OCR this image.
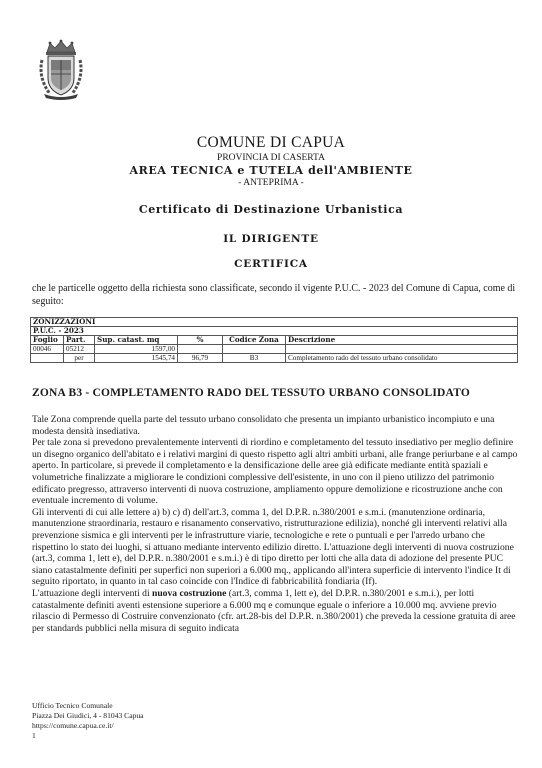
COMUNE DI CAPUA
PROVINCIA DI CASERTA
AREA TECNICA e TUTELA dell'AMBIENTE
- ANTEPRIMA -
Certificato di Destinazione Urbanistica
IL DIRIGENTE
CERTIFICA
che le particelle oggetto della richiesta sono classificate, secondo il vigente P.U.C. - 2023 del Comune di Capua, come di seguito:
ZONIZZAZIONI					
P.U.C. - 2023					
Foglio	Part.	Sup. catast. mq	%	Codice Zona	Descrizione
00046	05212	1597,00			
	per	1545,74	96,79	B3	Completamento rado del tessuto urbano consolidato
ZONA B3 - COMPLETAMENTO RADO DEL TESSUTO URBANO CONSOLIDATO

Tale Zona comprende quella parte del tessuto urbano consolidato che presenta un impianto urbanistico incompiuto e una modesta densità insediativa.

Per tale zona si prevedono prevalentemente interventi di riordino e completamento del tessuto insediativo per meglio definire un disegno organico dell'abitato e i relativi margini di questo rispetto agli altri ambiti urbani, alle frange periurbane e al campo aperto. In particolare, si prevede il completamento e la densificazione delle aree già edificate mediante entità spaziali e volumetriche finalizzate a migliorare le condizioni complessive dell'esistente, in uno con il pieno utilizzo del patrimonio edificato pregresso, attraverso interventi di nuova costruzione, ampliamento oppure demolizione e ricostruzione anche con eventuale incremento di volume.

Gli interventi di cui alle lettere a) b) c) d) dell'art.3, comma 1, del D.P.R. n.380/2001 e s.m.i. (manutenzione ordinaria, manutenzione straordinaria, restauro e risanamento conservativo, ristrutturazione edilizia), nonché gli interventi relativi alla prevenzione sismica e gli interventi per le infrastrutture viarie, tecnologiche e rete o puntuali e per l'arredo urbano che rispettino lo stato dei luoghi, si attuano mediante intervento edilizio diretto. L'attuazione degli interventi di nuova costruzione (art.3, comma 1, lett e), del D.P.R. n.380/2001 e s.m.i.) è di tipo diretto per lotti che alla data di adozione del presente PUC siano catastalmente definiti per superfici non superiori a 6.000 mq., applicando all'intera superficie di intervento l'indice It di seguito riportato, in quanto in tal caso coincide con l'Indice di fabbricabilità fondiaria (If).

L'attuazione degli interventi di nuova costruzione (art.3, comma 1, lett e), del D.P.R. n.380/2001 e s.m.i.), per lotti catastalmente definiti aventi estensione superiore a 6.000 mq e comunque eguale o inferiore a 10.000 mq. avviene previo rilascio di Permesso di Costruire convenzionato (cfr. art.28-bis del D.P.R. n.380/2001) che preveda la cessione gratuita di aree per standards pubblici nella misura di seguito indicata

Ufficio Tecnico Comunale
Piazza Dei Giudici, 4 - 81043 Capua
https://comune.capua.ce.it/
1
